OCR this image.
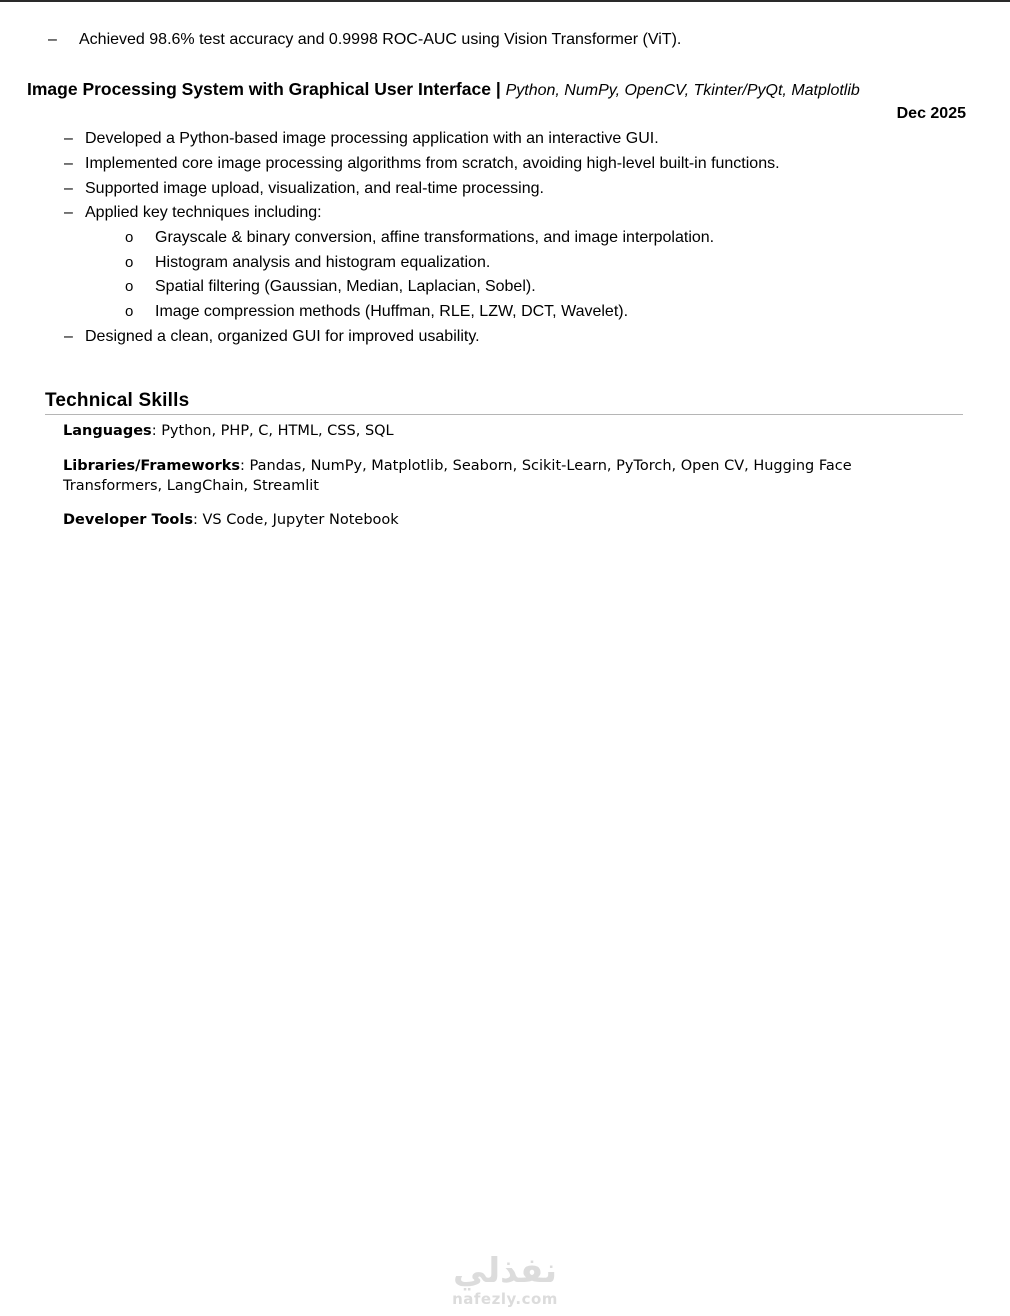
– Achieved 98.6% test accuracy and 0.9998 ROC-AUC using Vision Transformer (ViT).
Image Processing System with Graphical User Interface | Python, NumPy, OpenCV, Tkinter/PyQt, Matplotlib
Dec 2025
– Developed a Python-based image processing application with an interactive GUI.
– Implemented core image processing algorithms from scratch, avoiding high-level built-in functions.
– Supported image upload, visualization, and real-time processing.
– Applied key techniques including:
o Grayscale & binary conversion, affine transformations, and image interpolation.
o Histogram analysis and histogram equalization.
o Spatial filtering (Gaussian, Median, Laplacian, Sobel).
o Image compression methods (Huffman, RLE, LZW, DCT, Wavelet).
– Designed a clean, organized GUI for improved usability.
Technical Skills
Languages: Python, PHP, C, HTML, CSS, SQL
Libraries/Frameworks: Pandas, NumPy, Matplotlib, Seaborn, Scikit-Learn, PyTorch, Open CV, Hugging Face Transformers, LangChain, Streamlit
Developer Tools: VS Code, Jupyter Notebook
نفذلي
nafezly.com
